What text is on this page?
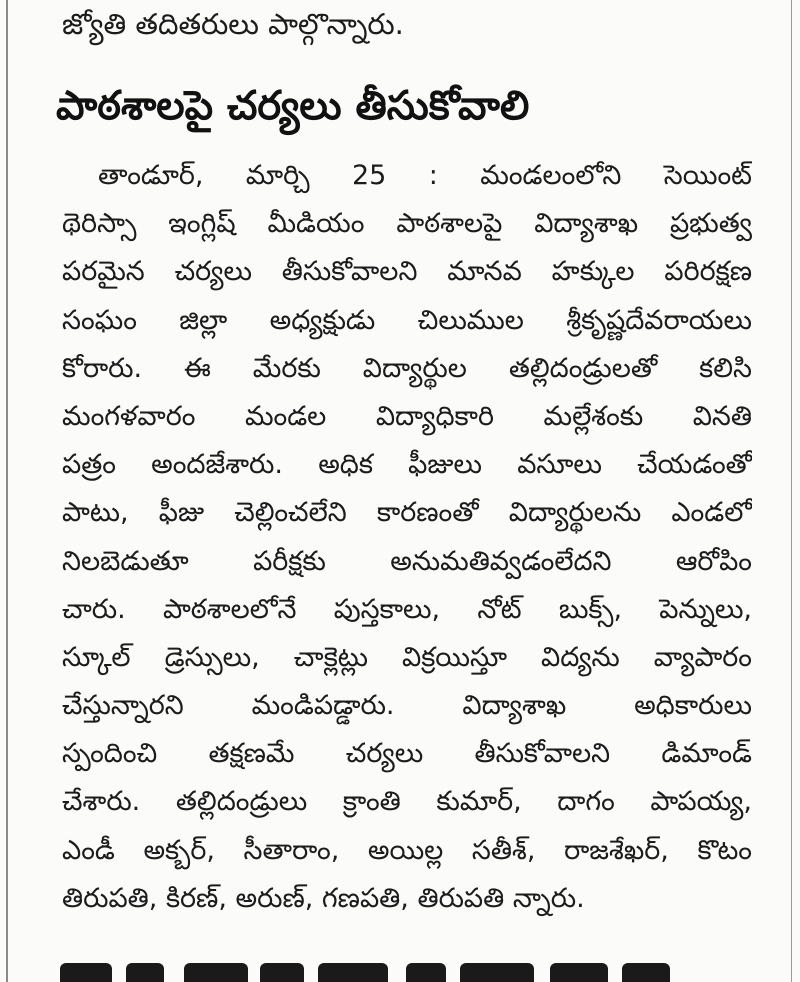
జ్యోతి తదితరులు పాల్గొన్నారు.
పాఠశాలపై చర్యలు తీసుకోవాలి
తాండూర్, మార్చి 25 : మండలంలోని సెయింట్
థెరిస్సా ఇంగ్లిష్ మీడియం పాఠశాలపై విద్యాశాఖ ప్రభుత్వ
పరమైన చర్యలు తీసుకోవాలని మానవ హక్కుల పరిరక్షణ
సంఘం జిల్లా అధ్యక్షుడు చిలుముల శ్రీకృష్ణదేవరాయలు
కోరారు. ఈ మేరకు విద్యార్థుల తల్లిదండ్రులతో కలిసి
మంగళవారం మండల విద్యాధికారి మల్లేశంకు వినతి
పత్రం అందజేశారు. అధిక ఫీజులు వసూలు చేయడంతో
పాటు, ఫీజు చెల్లించలేని కారణంతో విద్యార్థులను ఎండలో
నిలబెడుతూ పరీక్షకు అనుమతివ్వడంలేదని ఆరోపిం
చారు. పాఠశాలలోనే పుస్తకాలు, నోట్ బుక్స్, పెన్నులు,
స్కూల్ డ్రెస్సులు, చాక్లెట్లు విక్రయిస్తూ విద్యను వ్యాపారం
చేస్తున్నారని మండిపడ్డారు. విద్యాశాఖ అధికారులు
స్పందించి తక్షణమే చర్యలు తీసుకోవాలని డిమాండ్
చేశారు. తల్లిదండ్రులు క్రాంతి కుమార్, దాగం పాపయ్య,
ఎండీ అక్బర్, సీతారాం, అయిల్ల సతీశ్, రాజశేఖర్, కొటం
తిరుపతి, కిరణ్, అరుణ్, గణపతి, తిరుపతి న్నారు.
